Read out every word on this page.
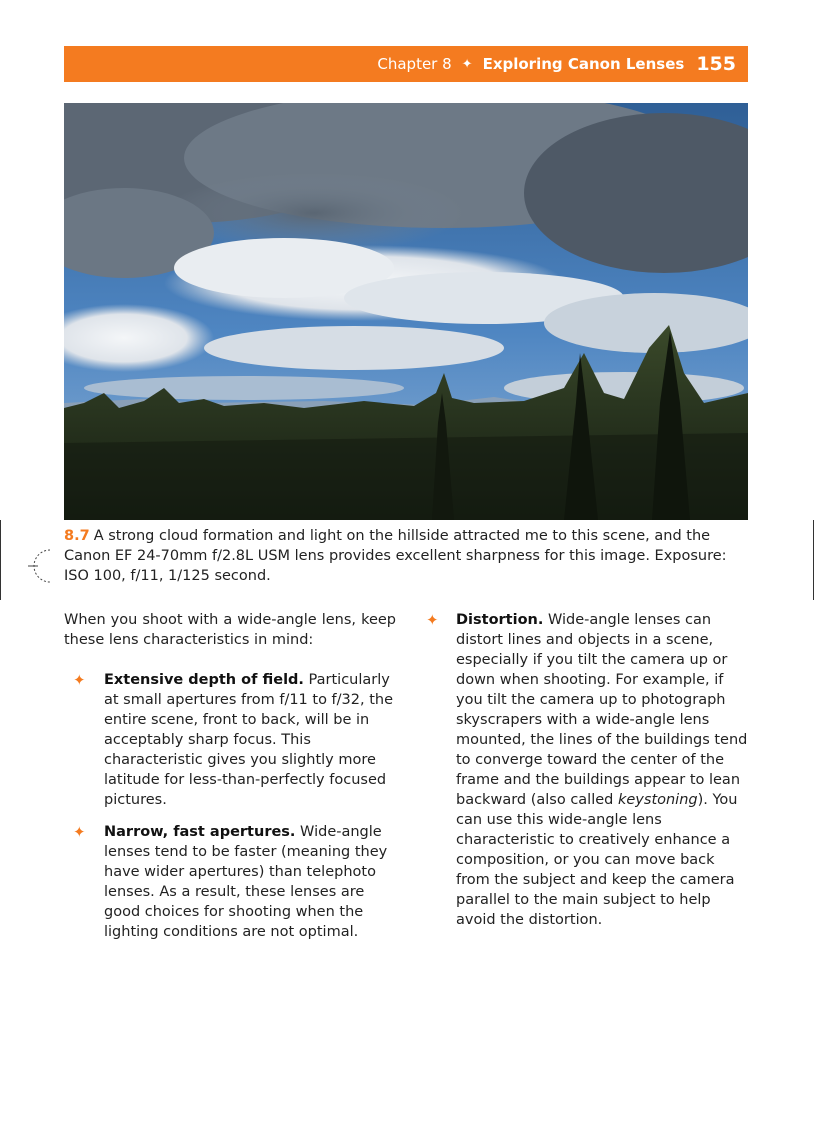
Chapter 8 ✦ Exploring Canon Lenses 155
8.7 A strong cloud formation and light on the hillside attracted me to this scene, and the Canon EF 24-70mm f/2.8L USM lens provides excellent sharpness for this image. Exposure: ISO 100, f/11, 1/125 second.

When you shoot with a wide-angle lens, keep these lens characteristics in mind:

✦ Extensive depth of field. Particularly at small apertures from f/11 to f/32, the entire scene, front to back, will be in acceptably sharp focus. This characteristic gives you slightly more latitude for less-than-perfectly focused pictures.
✦ Narrow, fast apertures. Wide-angle lenses tend to be faster (meaning they have wider apertures) than telephoto lenses. As a result, these lenses are good choices for shooting when the lighting conditions are not optimal.
✦ Distortion. Wide-angle lenses can distort lines and objects in a scene, especially if you tilt the camera up or down when shooting. For example, if you tilt the camera up to photograph skyscrapers with a wide-angle lens mounted, the lines of the buildings tend to converge toward the center of the frame and the buildings appear to lean backward (also called keystoning). You can use this wide-angle lens characteristic to creatively enhance a composition, or you can move back from the subject and keep the camera parallel to the main subject to help avoid the distortion.
